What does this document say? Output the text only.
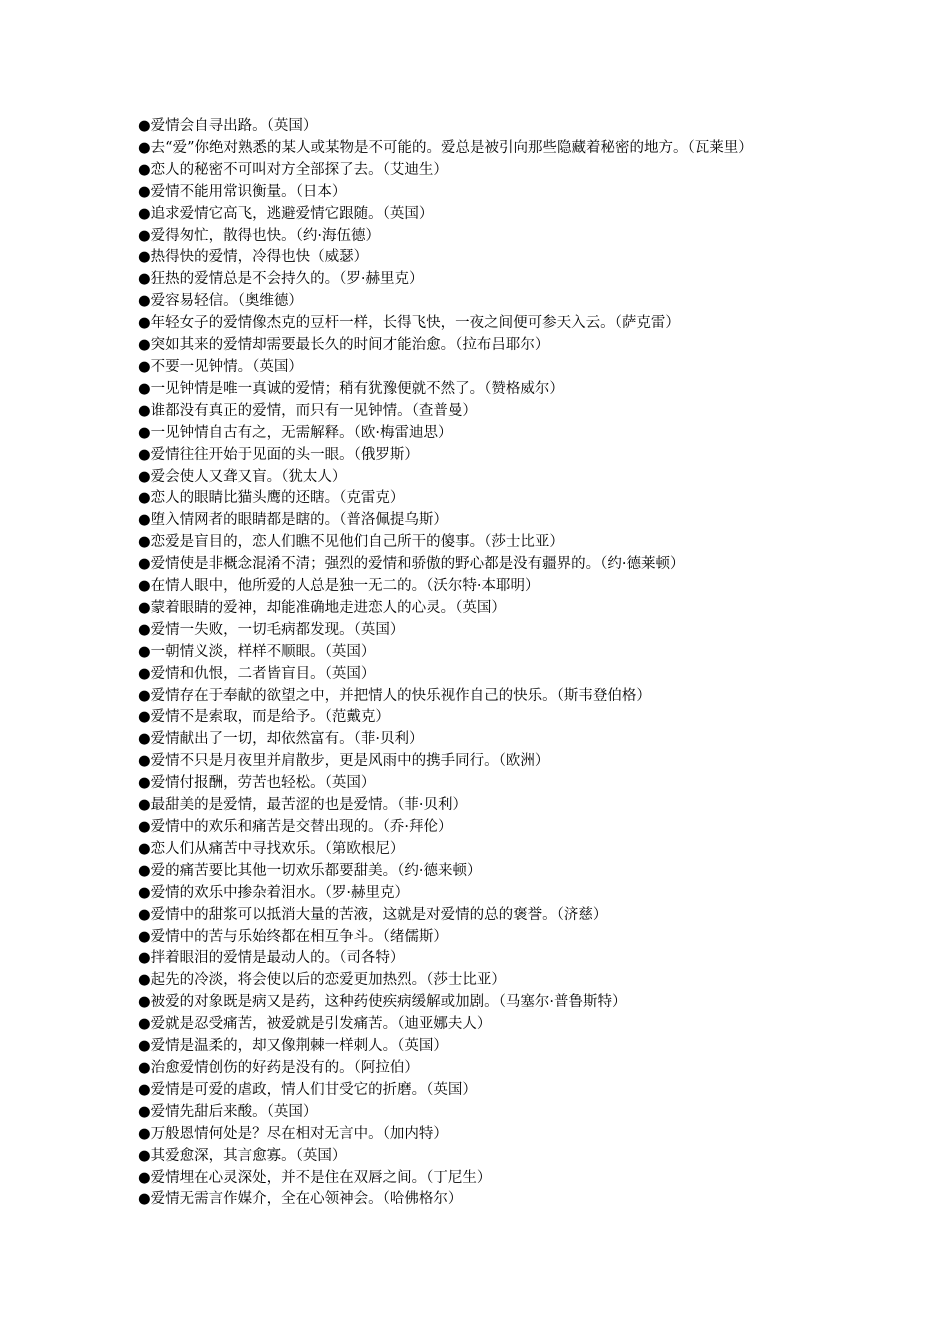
●爱情会自寻出路。（英国）
●去“爱”你绝对熟悉的某人或某物是不可能的。爱总是被引向那些隐藏着秘密的地方。（瓦莱里）
●恋人的秘密不可叫对方全部探了去。（艾迪生）
●爱情不能用常识衡量。（日本）
●追求爱情它高飞，逃避爱情它跟随。（英国）
●爱得匆忙，散得也快。（约·海伍德）
●热得快的爱情，冷得也快（威瑟）
●狂热的爱情总是不会持久的。（罗·赫里克）
●爱容易轻信。（奥维德）
●年轻女子的爱情像杰克的豆杆一样，长得飞快，一夜之间便可参天入云。（萨克雷）
●突如其来的爱情却需要最长久的时间才能治愈。（拉布吕耶尔）
●不要一见钟情。（英国）
●一见钟情是唯一真诚的爱情；稍有犹豫便就不然了。（赞格威尔）
●谁都没有真正的爱情，而只有一见钟情。（查普曼）
●一见钟情自古有之，无需解释。（欧·梅雷迪思）
●爱情往往开始于见面的头一眼。（俄罗斯）
●爱会使人又聋又盲。（犹太人）
●恋人的眼睛比猫头鹰的还瞎。（克雷克）
●堕入情网者的眼睛都是瞎的。（普洛佩提乌斯）
●恋爱是盲目的，恋人们瞧不见他们自己所干的傻事。（莎士比亚）
●爱情使是非概念混淆不清；强烈的爱情和骄傲的野心都是没有疆界的。（约·德莱顿）
●在情人眼中，他所爱的人总是独一无二的。（沃尔特·本耶明）
●蒙着眼睛的爱神，却能准确地走进恋人的心灵。（英国）
●爱情一失败，一切毛病都发现。（英国）
●一朝情义淡，样样不顺眼。（英国）
●爱情和仇恨，二者皆盲目。（英国）
●爱情存在于奉献的欲望之中，并把情人的快乐视作自己的快乐。（斯韦登伯格）
●爱情不是索取，而是给予。（范戴克）
●爱情献出了一切，却依然富有。（菲·贝利）
●爱情不只是月夜里并肩散步，更是风雨中的携手同行。（欧洲）
●爱情付报酬，劳苦也轻松。（英国）
●最甜美的是爱情，最苦涩的也是爱情。（菲·贝利）
●爱情中的欢乐和痛苦是交替出现的。（乔·拜伦）
●恋人们从痛苦中寻找欢乐。（第欧根尼）
●爱的痛苦要比其他一切欢乐都要甜美。（约·德来顿）
●爱情的欢乐中掺杂着泪水。（罗·赫里克）
●爱情中的甜浆可以抵消大量的苦液，这就是对爱情的总的褒誉。（济慈）
●爱情中的苦与乐始终都在相互争斗。（绪儒斯）
●拌着眼泪的爱情是最动人的。（司各特）
●起先的冷淡，将会使以后的恋爱更加热烈。（莎士比亚）
●被爱的对象既是病又是药，这种药使疾病缓解或加剧。（马塞尔·普鲁斯特）
●爱就是忍受痛苦，被爱就是引发痛苦。（迪亚娜夫人）
●爱情是温柔的，却又像荆棘一样刺人。（英国）
●治愈爱情创伤的好药是没有的。（阿拉伯）
●爱情是可爱的虐政，情人们甘受它的折磨。（英国）
●爱情先甜后来酸。（英国）
●万般恩情何处是？尽在相对无言中。（加内特）
●其爱愈深，其言愈寡。（英国）
●爱情埋在心灵深处，并不是住在双唇之间。（丁尼生）
●爱情无需言作媒介，全在心领神会。（哈佛格尔）
